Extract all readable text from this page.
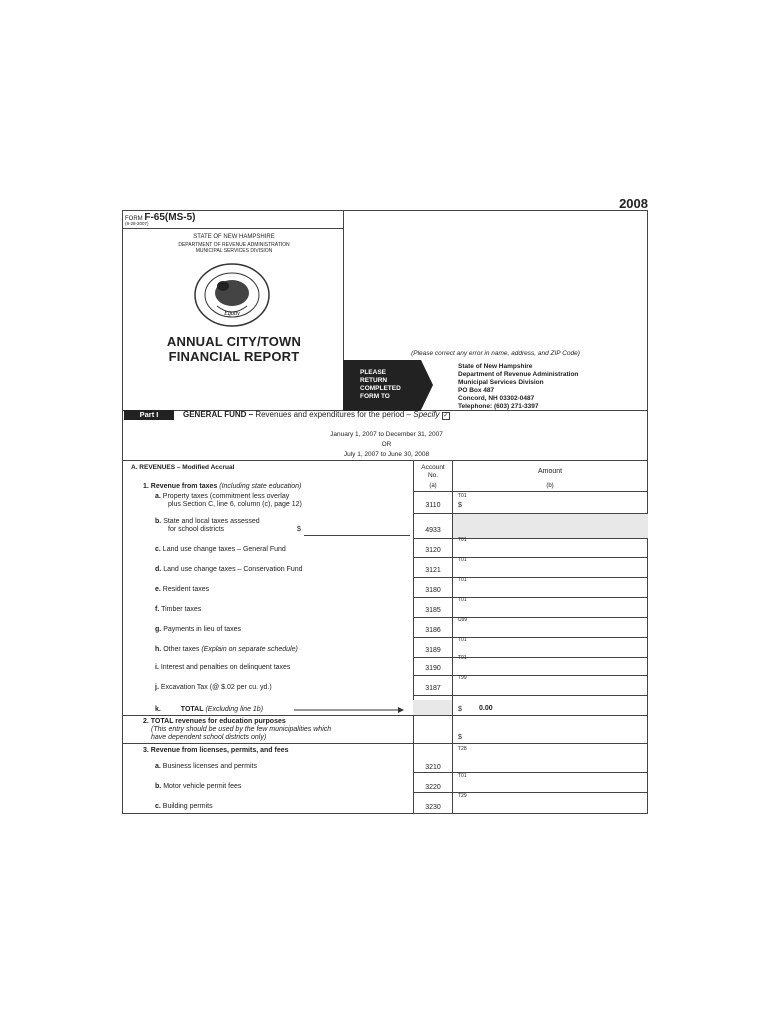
2008
FORM F-65(MS-5)
(8-28-2007)
STATE OF NEW HAMPSHIRE
DEPARTMENT OF REVENUE ADMINISTRATION
MUNICIPAL SERVICES DIVISION
Equity
ANNUAL CITY/TOWN
FINANCIAL REPORT	(Please correct any error in name, address, and ZIP Code)
PLEASE
RETURN
COMPLETED
FORM TO
State of New Hampshire
Department of Revenue Administration
Municipal Services Division
PO Box 487
Concord, NH 03302-0487
Telephone: (603) 271-3397
Part I	GENERAL FUND – Revenues and expenditures for the period – Specify ✓
January 1, 2007 to December 31, 2007
OR
July 1, 2007 to June 30, 2008
A. REVENUES – Modified Accrual	Account
No.
(a)
Amount
(b)
1. Revenue from taxes (Including state education)
a. Property taxes (commitment less overlay
plus Section C, line 6, column (c), page 12)	3110
T01
$
b. State and local taxes assessed
for school districts	$	4933
c. Land use change taxes – General Fund	3120
T01
d. Land use change taxes – Conservation Fund	3121
T01
e. Resident taxes	3180
T01
f. Timber taxes	3185
T01
g. Payments in lieu of taxes	3186
U99
h. Other taxes (Explain on separate schedule)	3189
T01
i. Interest and penalties on delinquent taxes	3190
T01
j. Excavation Tax (@ $.02 per cu. yd.)	3187
T99
k.	TOTAL (Excluding line 1b)	$ 0.00
2. TOTAL revenues for education purposes
(This entry should be used by the few municipalities which
have dependent school districts only)	$
3. Revenue from licenses, permits, and fees	T28
a. Business licenses and permits	3210
T01
b. Motor vehicle permit fees	3220
T29
c. Building permits	3230
